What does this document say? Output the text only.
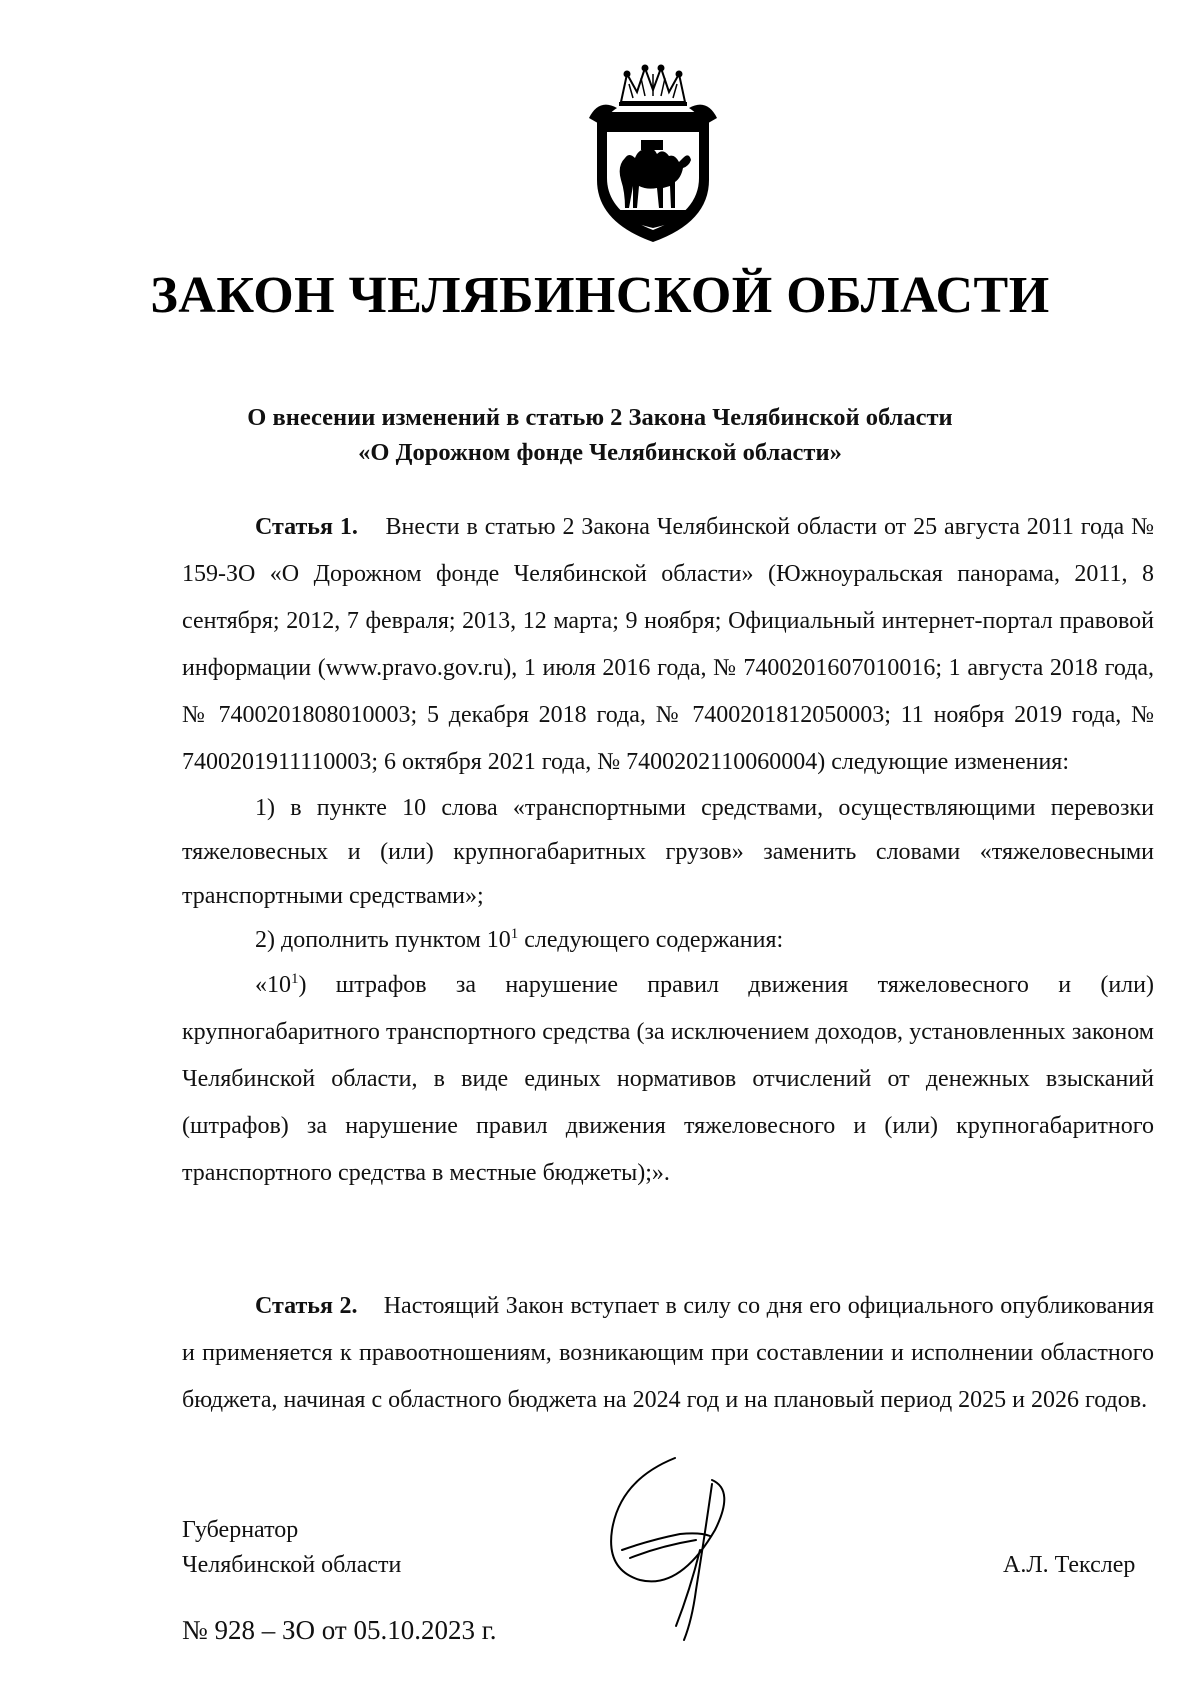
ЗАКОН ЧЕЛЯБИНСКОЙ ОБЛАСТИ
О внесении изменений в статью 2 Закона Челябинской области
«О Дорожном фонде Челябинской области»

Статья 1. Внести в статью 2 Закона Челябинской области от 25 августа 2011 года № 159-ЗО «О Дорожном фонде Челябинской области» (Южноуральская панорама, 2011, 8 сентября; 2012, 7 февраля; 2013, 12 марта; 9 ноября; Официальный интернет-портал правовой информации (www.pravo.gov.ru), 1 июля 2016 года, № 7400201607010016; 1 августа 2018 года, № 7400201808010003; 5 декабря 2018 года, № 7400201812050003; 11 ноября 2019 года, № 7400201911110003; 6 октября 2021 года, № 7400202110060004) следующие изменения:

1) в пункте 10 слова «транспортными средствами, осуществляющими перевозки тяжеловесных и (или) крупногабаритных грузов» заменить словами «тяжеловесными транспортными средствами»;

2) дополнить пунктом $10^1$ следующего содержания:

«$10^1$) штрафов за нарушение правил движения тяжеловесного и (или) крупногабаритного транспортного средства (за исключением доходов, установленных законом Челябинской области, в виде единых нормативов отчислений от денежных взысканий (штрафов) за нарушение правил движения тяжеловесного и (или) крупногабаритного транспортного средства в местные бюджеты);».

Статья 2. Настоящий Закон вступает в силу со дня его официального опубликования и применяется к правоотношениям, возникающим при составлении и исполнении областного бюджета, начиная с областного бюджета на 2024 год и на плановый период 2025 и 2026 годов.

Губернатор
Челябинской области	А.Л. Текслер
№ 928 – ЗО от 05.10.2023 г.
